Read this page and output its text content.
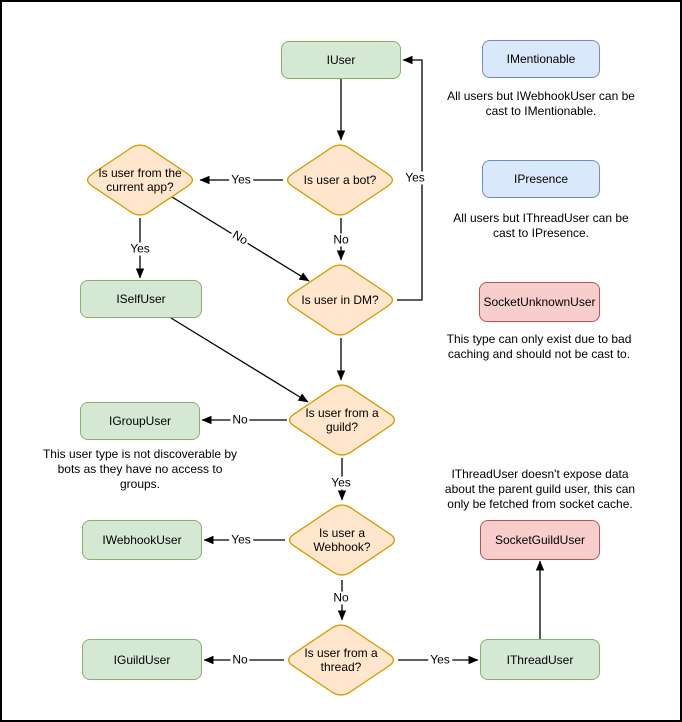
IUser	IMentionable
IPresence
SocketUnknownUser
ISelfUser
IGroupUser
IWebhookUser	SocketGuildUser
IGuildUser	IThreadUser
Is user a bot?
Is user from the current app?
Is user in DM?
Is user from a guild?
Is user a Webhook?
Is user from a thread?
All users but IWebhookUser can be
cast to IMentionable.
All users but IThreadUser can be
cast to IPresence.
This type can only exist due to bad
caching and should not be cast to.
This user type is not discoverable by
bots as they have no access to
groups.
IThreadUser doesn't expose data
about the parent guild user, this can
only be fetched from socket cache.
Yes
No
Yes
No
Yes
No
Yes
Yes
No
No	Yes
